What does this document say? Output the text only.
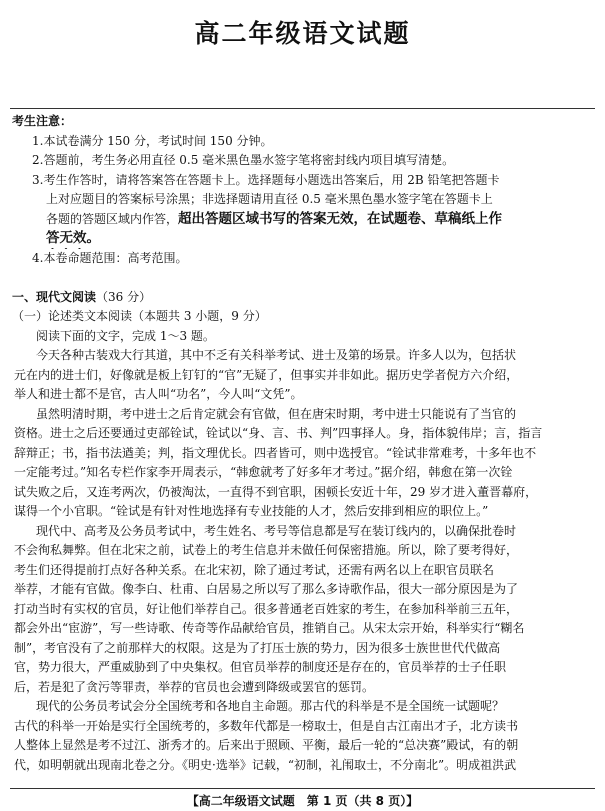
高二年级语文试题
考生注意：
1.本试卷满分 150 分，考试时间 150 分钟。
2.答题前，考生务必用直径 0.5 毫米黑色墨水签字笔将密封线内项目填写清楚。
3.考生作答时，请将答案答在答题卡上。选择题每小题选出答案后，用 2B 铅笔把答题卡
上对应题目的答案标号涂黑；非选择题请用直径 0.5 毫米黑色墨水签字笔在答题卡上
各题的答题区域内作答，超出答题区域书写的答案无效，在试题卷、草稿纸上作
答无效。
4.本卷命题范围：高考范围。
一、现代文阅读（36 分）
（一）论述类文本阅读（本题共 3 小题，9 分）
阅读下面的文字，完成 1～3 题。
今天各种古装戏大行其道，其中不乏有关科举考试、进士及第的场景。许多人以为，包括状
元在内的进士们，好像就是板上钉钉的“官”无疑了，但事实并非如此。据历史学者倪方六介绍，
举人和进士都不是官，古人叫“功名”，今人叫“文凭”。
虽然明清时期，考中进士之后肯定就会有官做，但在唐宋时期，考中进士只能说有了当官的
资格。进士之后还要通过吏部铨试，铨试以“身、言、书、判”四事择人。身，指体貌伟岸；言，指言
辞辩正；书，指书法遒美；判，指文理优长。四者皆可，则中选授官。“铨试非常难考，十多年也不
一定能考过。”知名专栏作家李开周表示，“韩愈就考了好多年才考过。”据介绍，韩愈在第一次铨
试失败之后，又连考两次，仍被淘汰，一直得不到官职，困顿长安近十年，29 岁才进入董晋幕府，
谋得一个小官职。“铨试是有针对性地选择有专业技能的人才，然后安排到相应的职位上。”
现代中、高考及公务员考试中，考生姓名、考号等信息都是写在装订线内的，以确保批卷时
不会徇私舞弊。但在北宋之前，试卷上的考生信息并未做任何保密措施。所以，除了要考得好，
考生们还得提前打点好各种关系。在北宋初，除了通过考试，还需有两名以上在职官员联名
举荐，才能有官做。像李白、杜甫、白居易之所以写了那么多诗歌作品，很大一部分原因是为了
打动当时有实权的官员，好让他们举荐自己。很多普通老百姓家的考生，在参加科举前三五年，
都会外出“宦游”，写一些诗歌、传奇等作品献给官员，推销自己。从宋太宗开始，科举实行“糊名
制”，考官没有了之前那样大的权限。这是为了打压士族的势力，因为很多士族世世代代做高
官，势力很大，严重威胁到了中央集权。但官员举荐的制度还是存在的，官员举荐的士子任职
后，若是犯了贪污等罪责，举荐的官员也会遭到降级或罢官的惩罚。
现代的公务员考试会分全国统考和各地自主命题。那古代的科举是不是全国统一试题呢？
古代的科举一开始是实行全国统考的，多数年代都是一榜取士，但是自古江南出才子，北方读书
人整体上显然是考不过江、浙秀才的。后来出于照顾、平衡，最后一轮的“总决赛”殿试，有的朝
代，如明朝就出现南北卷之分。《明史·选举》记载，“初制，礼闱取士，不分南北”。明成祖洪武
【高二年级语文试题　第 1 页（共 8 页）】
